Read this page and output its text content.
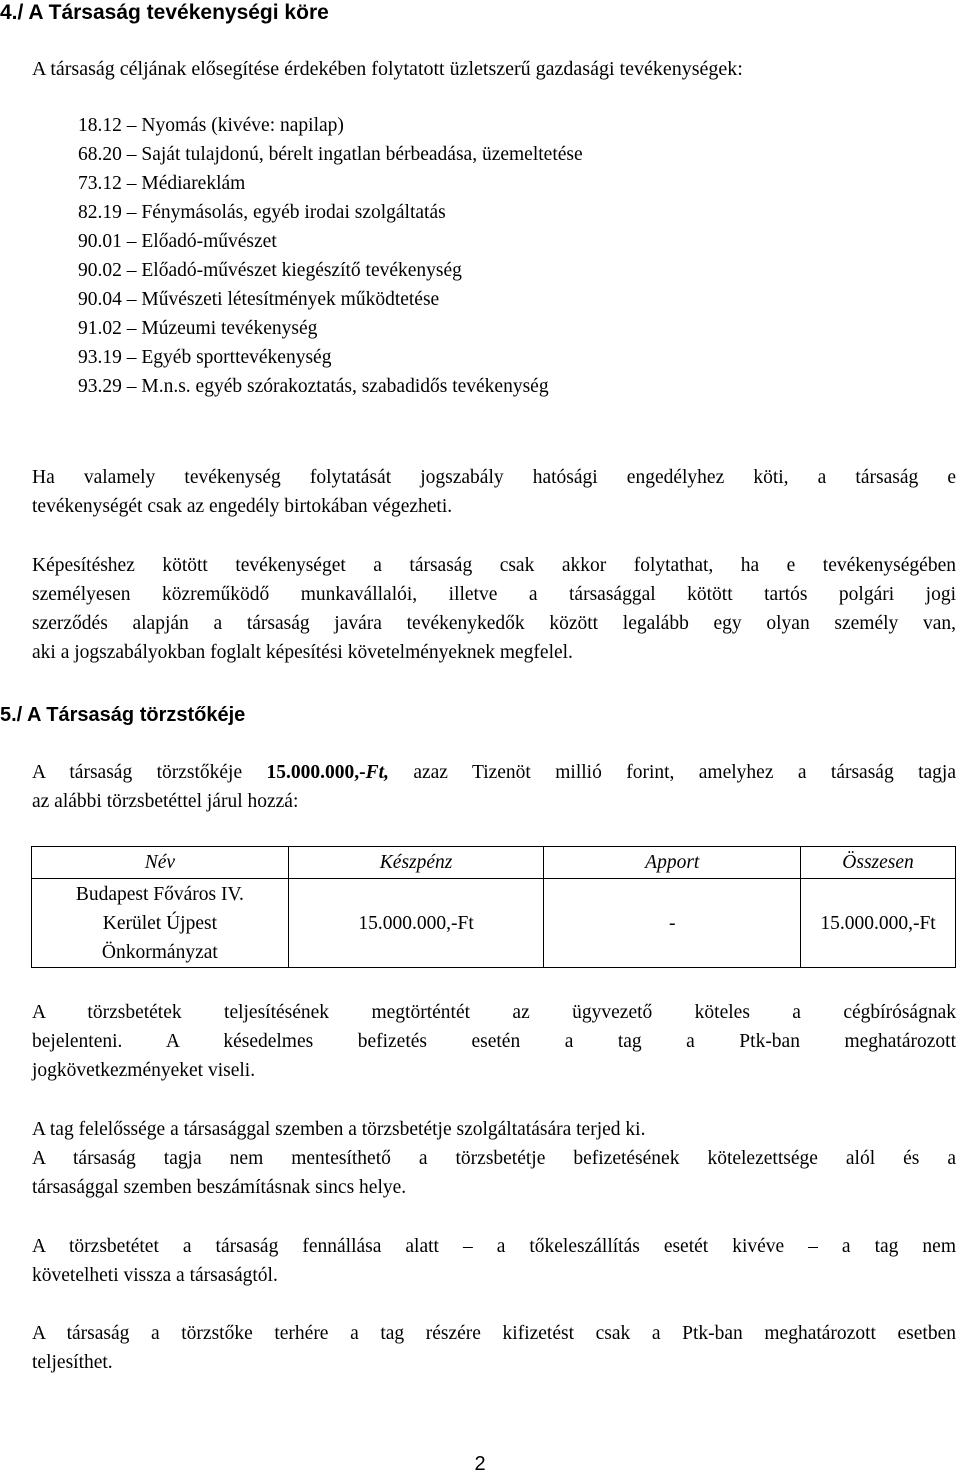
4./ A Társaság tevékenységi köre
A társaság céljának elősegítése érdekében folytatott üzletszerű gazdasági tevékenységek:
18.12 – Nyomás (kivéve: napilap)
68.20 – Saját tulajdonú, bérelt ingatlan bérbeadása, üzemeltetése
73.12 – Médiareklám
82.19 – Fénymásolás, egyéb irodai szolgáltatás
90.01 – Előadó-művészet
90.02 – Előadó-művészet kiegészítő tevékenység
90.04 – Művészeti létesítmények működtetése
91.02 – Múzeumi tevékenység
93.19 – Egyéb sporttevékenység
93.29 – M.n.s. egyéb szórakoztatás, szabadidős tevékenység
Ha valamely tevékenység folytatását jogszabály hatósági engedélyhez köti, a társaság e
tevékenységét csak az engedély birtokában végezheti.
Képesítéshez kötött tevékenységet a társaság csak akkor folytathat, ha e tevékenységében
személyesen közreműködő munkavállalói, illetve a társasággal kötött tartós polgári jogi
szerződés alapján a társaság javára tevékenykedők között legalább egy olyan személy van,
aki a jogszabályokban foglalt képesítési követelményeknek megfelel.
5./ A Társaság törzstőkéje
A társaság törzstőkéje 15.000.000,-Ft, azaz Tizenöt millió forint, amelyhez a társaság tagja
az alábbi törzsbetéttel járul hozzá:
Név	Készpénz	Apport	Összesen

Budapest Főváros IV.
Kerület Újpest
Önkormányzat	15.000.000,-Ft	-	15.000.000,-Ft
A törzsbetétek teljesítésének megtörténtét az ügyvezető köteles a cégbíróságnak
bejelenteni. A késedelmes befizetés esetén a tag a Ptk-ban meghatározott
jogkövetkezményeket viseli.
A tag felelőssége a társasággal szemben a törzsbetétje szolgáltatására terjed ki.
A társaság tagja nem mentesíthető a törzsbetétje befizetésének kötelezettsége alól és a
társasággal szemben beszámításnak sincs helye.
A törzsbetétet a társaság fennállása alatt – a tőkeleszállítás esetét kivéve – a tag nem
követelheti vissza a társaságtól.
A társaság a törzstőke terhére a tag részére kifizetést csak a Ptk-ban meghatározott esetben
teljesíthet.
2
